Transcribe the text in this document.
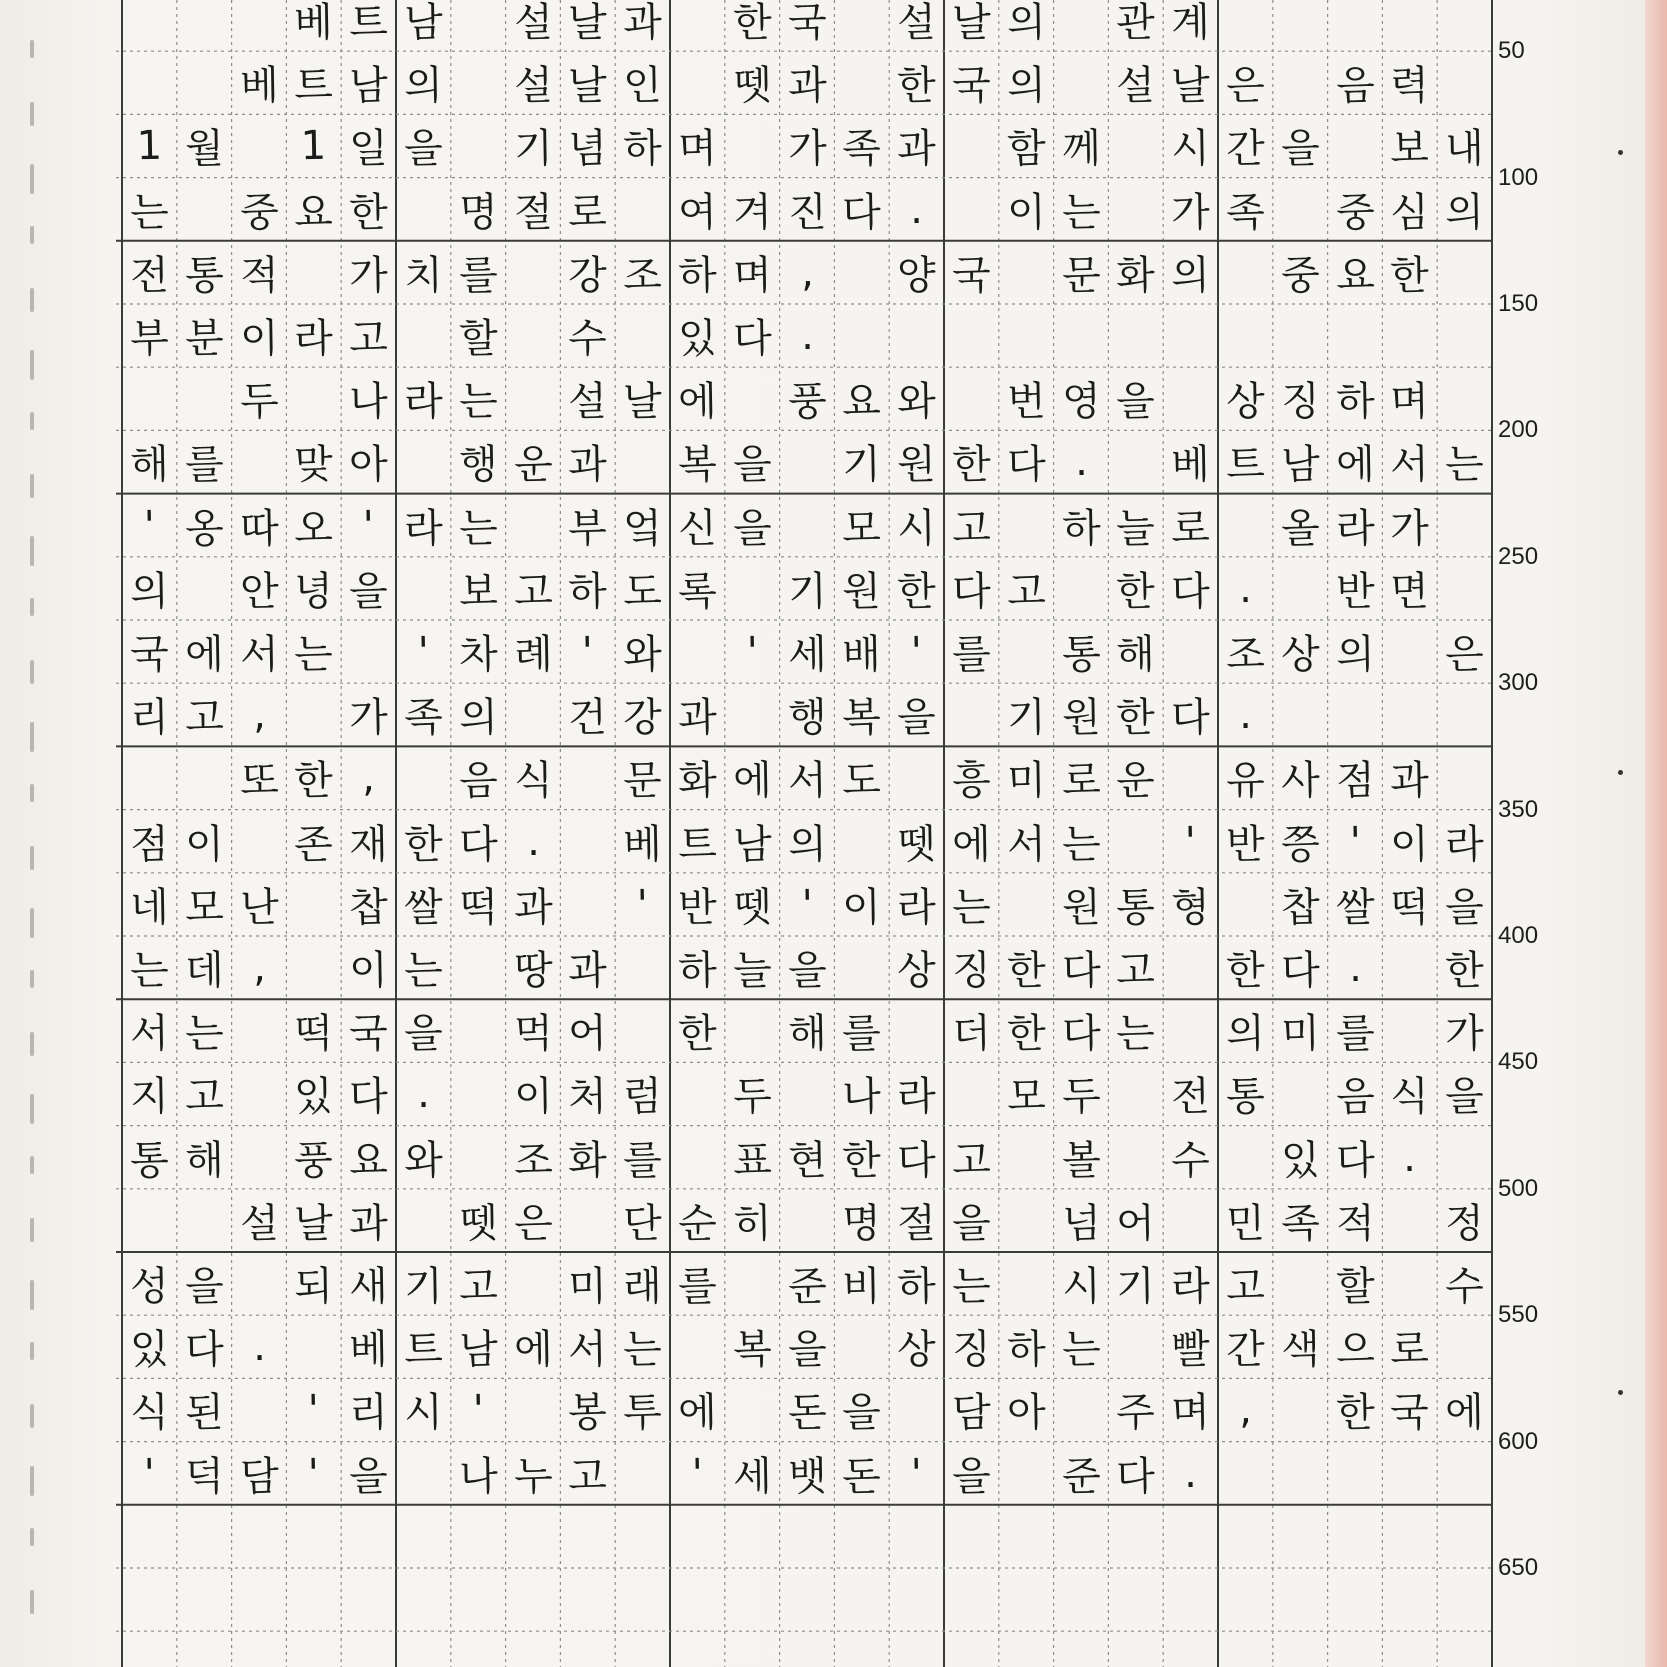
베 트 남 설 날 과 한 국 설 날 의 관 계
베 트 남 의 설 날 인 뗏 과 한 국 의 설 날 은 음 력
1 월	1 일 을 기 념 하 며 가 족 과 함 께 시 간 을 보 내
는 중 요 한 명 절 로 여 겨 진 다 .	이 는 가 족 중 심 의
전 통 적 가 치 를 강 조 하 며 ,	양 국 문 화 의 중 요 한
부 분 이 라 고 할 수 있 다 .
두 나 라 는 설 날 에 풍 요 와 번 영 을 상 징 하 며
해 를 맞 아 행 운 과 복 을 기 원 한 다 .	베 트 남 에 서 는
' 옹 따 오 ' 라 는 부 엌 신 을 모 시 고 하 늘 로 올 라 가
의 안 녕 을 보 고 하 도 록 기 원 한 다 고 한 다 .	반 면
국 에 서 는	' 차 례 ' 와	' 세 배 ' 를 통 해 조 상 의 은
리 고 ,	가 족 의 건 강 과 행 복 을 기 원 한 다 .
또 한 ,	음 식 문 화 에 서 도 흥 미 로 운 유 사 점 과
점 이 존 재 한 다 .	베 트 남 의 뗏 에 서 는	' 반 쯩 ' 이 라
네 모 난 찹 쌀 떡 과	' 반 뗏 ' 이 라 는 원 통 형 찹 쌀 떡 을
는 데 ,	이 는 땅 과 하 늘 을 상 징 한 다 고 한 다 .	한
서 는 떡 국 을 먹 어 한 해 를 더 한 다 는 의 미 를 가
지 고 있 다 .	이 처 럼 두 나 라 모 두 전 통 음 식 을
통 해 풍 요 와 조 화 를 표 현 한 다 고 볼 수 있 다 .
설 날 과 뗏 은 단 순 히 명 절 을 넘 어 민 족 적 정
성 을 되 새 기 고 미 래 를 준 비 하 는 시 기 라 고 할 수
있 다 .	베 트 남 에 서 는 복 을 상 징 하 는 빨 간 색 으 로
식 된	' 리 시 '	봉 투 에 돈 을 담 아 주 며 ,	한 국 에
' 덕 담 ' 을 나 누 고	' 세 뱃 돈 ' 을 준 다 .
50
100
150
200
250
300
350
400
450
500
550
600
650
